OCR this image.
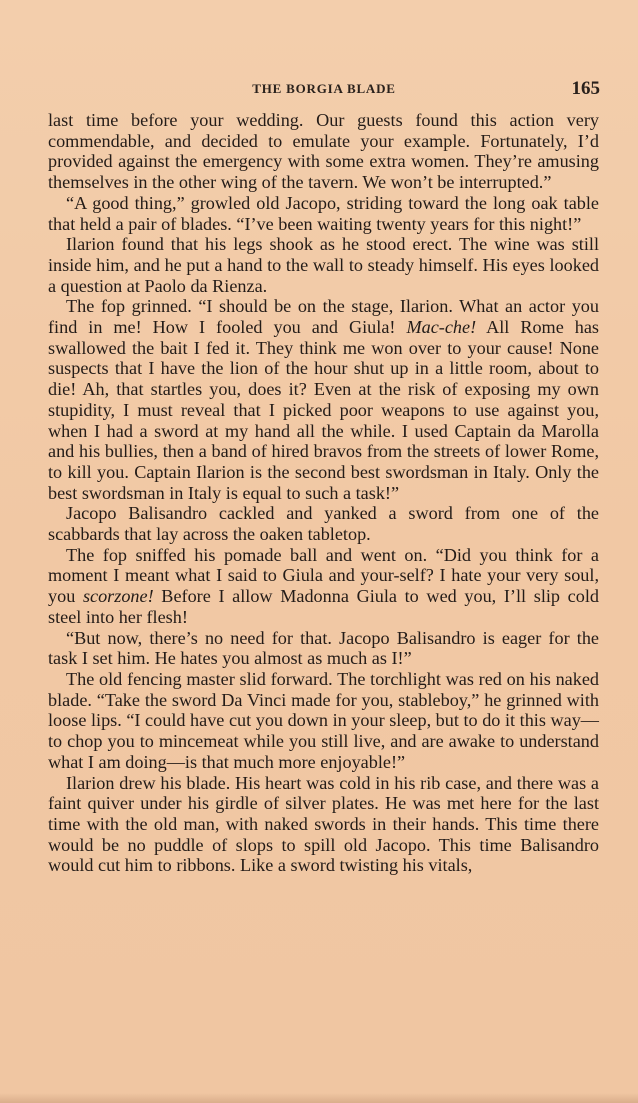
THE BORGIA BLADE	165

last time before your wedding. Our guests found this action very commendable, and decided to emulate your example. Fortunately, I’d provided against the emergency with some extra women. They’re amusing themselves in the other wing of the tavern. We won’t be interrupted.”

“A good thing,” growled old Jacopo, striding toward the long oak table that held a pair of blades. “I’ve been waiting twenty years for this night!”

Ilarion found that his legs shook as he stood erect. The wine was still inside him, and he put a hand to the wall to steady himself. His eyes looked a question at Paolo da Rienza.

The fop grinned. “I should be on the stage, Ilarion. What an actor you find in me! How I fooled you and Giula! Mac-che! All Rome has swallowed the bait I fed it. They think me won over to your cause! None suspects that I have the lion of the hour shut up in a little room, about to die! Ah, that startles you, does it? Even at the risk of exposing my own stupidity, I must reveal that I picked poor weapons to use against you, when I had a sword at my hand all the while. I used Captain da Marolla and his bullies, then a band of hired bravos from the streets of lower Rome, to kill you. Captain Ilarion is the second best swordsman in Italy. Only the best swordsman in Italy is equal to such a task!”

Jacopo Balisandro cackled and yanked a sword from one of the scabbards that lay across the oaken tabletop.

The fop sniffed his pomade ball and went on. “Did you think for a moment I meant what I said to Giula and your-self? I hate your very soul, you scorzone! Before I allow Madonna Giula to wed you, I’ll slip cold steel into her flesh!

“But now, there’s no need for that. Jacopo Balisandro is eager for the task I set him. He hates you almost as much as I!”

The old fencing master slid forward. The torchlight was red on his naked blade. “Take the sword Da Vinci made for you, stableboy,” he grinned with loose lips. “I could have cut you down in your sleep, but to do it this way—to chop you to mincemeat while you still live, and are awake to understand what I am doing—is that much more enjoyable!”

Ilarion drew his blade. His heart was cold in his rib case, and there was a faint quiver under his girdle of silver plates. He was met here for the last time with the old man, with naked swords in their hands. This time there would be no puddle of slops to spill old Jacopo. This time Balisandro would cut him to ribbons. Like a sword twisting his vitals,
